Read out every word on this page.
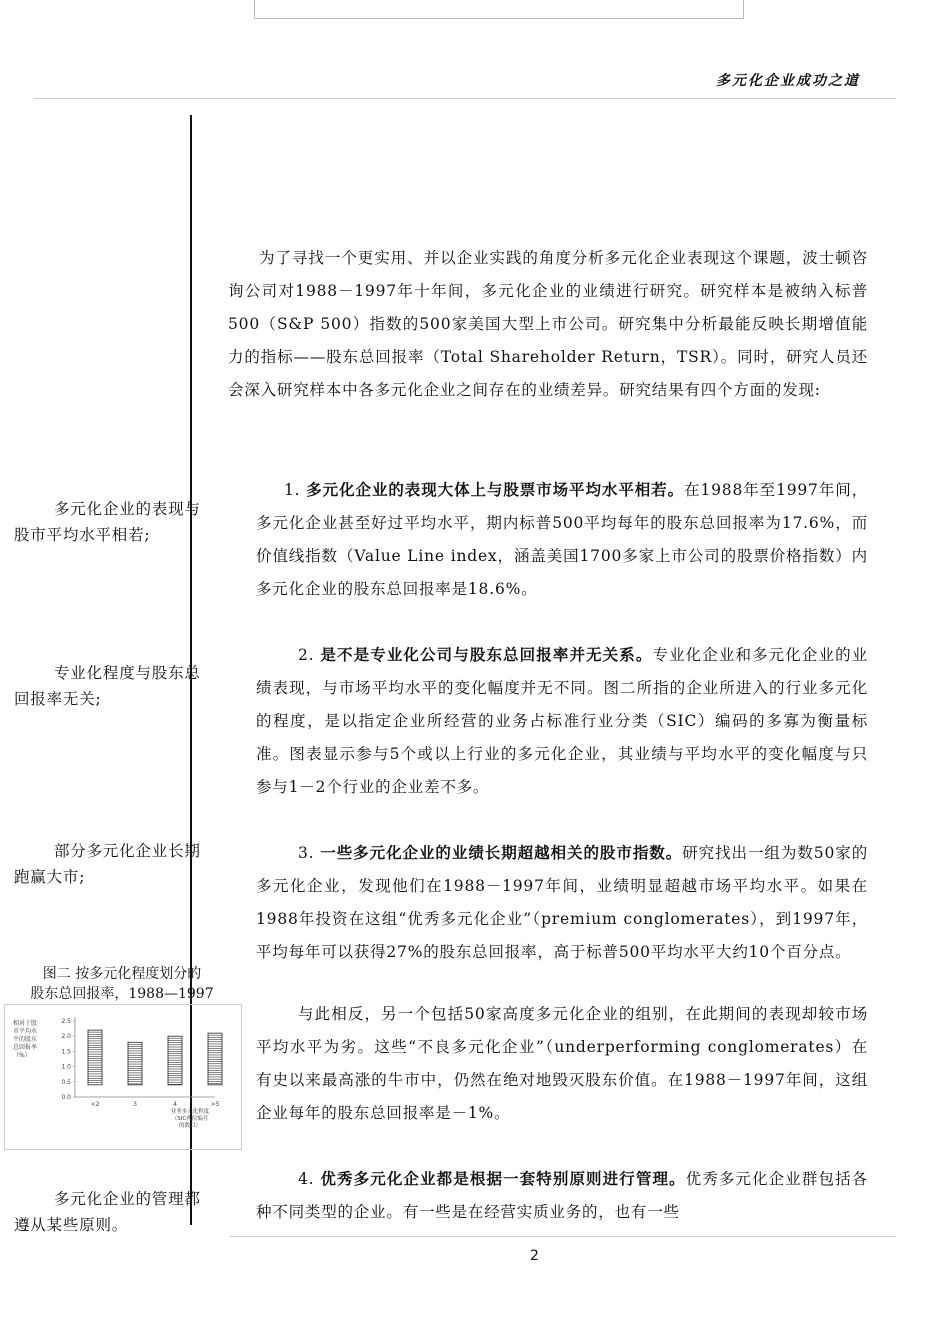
多元化企业成功之道

为了寻找一个更实用、并以企业实践的角度分析多元化企业表现这个课题，波士顿咨询公司对1988－1997年十年间，多元化企业的业绩进行研究。研究样本是被纳入标普500（S&P 500）指数的500家美国大型上市公司。研究集中分析最能反映长期增值能力的指标——股东总回报率（Total Shareholder Return，TSR）。同时，研究人员还会深入研究样本中各多元化企业之间存在的业绩差异。研究结果有四个方面的发现:

1. 多元化企业的表现大体上与股票市场平均水平相若。在1988年至1997年间，多元化企业甚至好过平均水平，期内标普500平均每年的股东总回报率为17.6%，而价值线指数（Value Line index，涵盖美国1700多家上市公司的股票价格指数）内多元化企业的股东总回报率是18.6%。

2. 是不是专业化公司与股东总回报率并无关系。专业化企业和多元化企业的业绩表现，与市场平均水平的变化幅度并无不同。图二所指的企业所进入的行业多元化的程度，是以指定企业所经营的业务占标准行业分类（SIC）编码的多寡为衡量标准。图表显示参与5个或以上行业的多元化企业，其业绩与平均水平的变化幅度与只参与1－2个行业的企业差不多。

3. 一些多元化企业的业绩长期超越相关的股市指数。研究找出一组为数50家的多元化企业，发现他们在1988－1997年间，业绩明显超越市场平均水平。如果在1988年投资在这组“优秀多元化企业”（premium conglomerates），到1997年，平均每年可以获得27%的股东总回报率，高于标普500平均水平大约10个百分点。

与此相反，另一个包括50家高度多元化企业的组别，在此期间的表现却较市场平均水平为劣。这些“不良多元化企业”（underperforming conglomerates）在有史以来最高涨的牛市中，仍然在绝对地毁灭股东价值。在1988－1997年间，这组企业每年的股东总回报率是－1%。

4. 优秀多元化企业都是根据一套特别原则进行管理。优秀多元化企业群包括各种不同类型的企业。有一些是在经营实质业务的，也有一些

多元化企业的表现与
股市平均水平相若;
专业化程度与股东总
回报率无关;
部分多元化企业长期
跑赢大市;
多元化企业的管理都
遵从某些原则。
图二 按多元化程度划分的
股东总回报率，1988—1997
相对于股
市平均水
平的股东
总回报率
（%）
0.0
0.5
1.0
1.5
2.0
2.5
<2	3	4	>5
业务多元化程度
（SIC两位编号
的数目）
2
